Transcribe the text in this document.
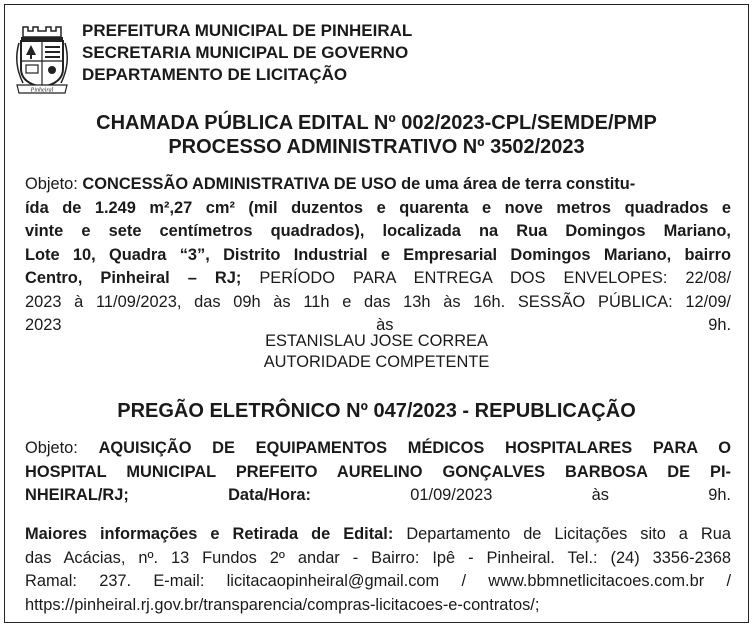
Pinheiral
PREFEITURA MUNICIPAL DE PINHEIRAL
SECRETARIA MUNICIPAL DE GOVERNO
DEPARTAMENTO DE LICITAÇÃO
CHAMADA PÚBLICA EDITAL Nº 002/2023-CPL/SEMDE/PMP
PROCESSO ADMINISTRATIVO Nº 3502/2023
Objeto: CONCESSÃO ADMINISTRATIVA DE USO de uma área de terra constitu-
ída de 1.249 m²,27 cm² (mil duzentos e quarenta e nove metros quadrados e
vinte e sete centímetros quadrados), localizada na Rua Domingos Mariano,
Lote 10, Quadra “3”, Distrito Industrial e Empresarial Domingos Mariano, bairro
Centro, Pinheiral – RJ; PERÍODO PARA ENTREGA DOS ENVELOPES: 22/08/
2023 à 11/09/2023, das 09h às 11h e das 13h às 16h. SESSÃO PÚBLICA: 12/09/
2023 às 9h.
ESTANISLAU JOSE CORREA
AUTORIDADE COMPETENTE
PREGÃO ELETRÔNICO Nº 047/2023 - REPUBLICAÇÃO
Objeto: AQUISIÇÃO DE EQUIPAMENTOS MÉDICOS HOSPITALARES PARA O
HOSPITAL MUNICIPAL PREFEITO AURELINO GONÇALVES BARBOSA DE PI-
NHEIRAL/RJ; Data/Hora:	01/09/2023 às 9h.
Maiores informações e Retirada de Edital: Departamento de Licitações sito a Rua
das Acácias, nº. 13 Fundos 2º andar - Bairro: Ipê - Pinheiral. Tel.: (24) 3356-2368
Ramal: 237. E-mail: licitacaopinheiral@gmail.com / www.bbmnetlicitacoes.com.br /
https://pinheiral.rj.gov.br/transparencia/compras-licitacoes-e-contratos/;
